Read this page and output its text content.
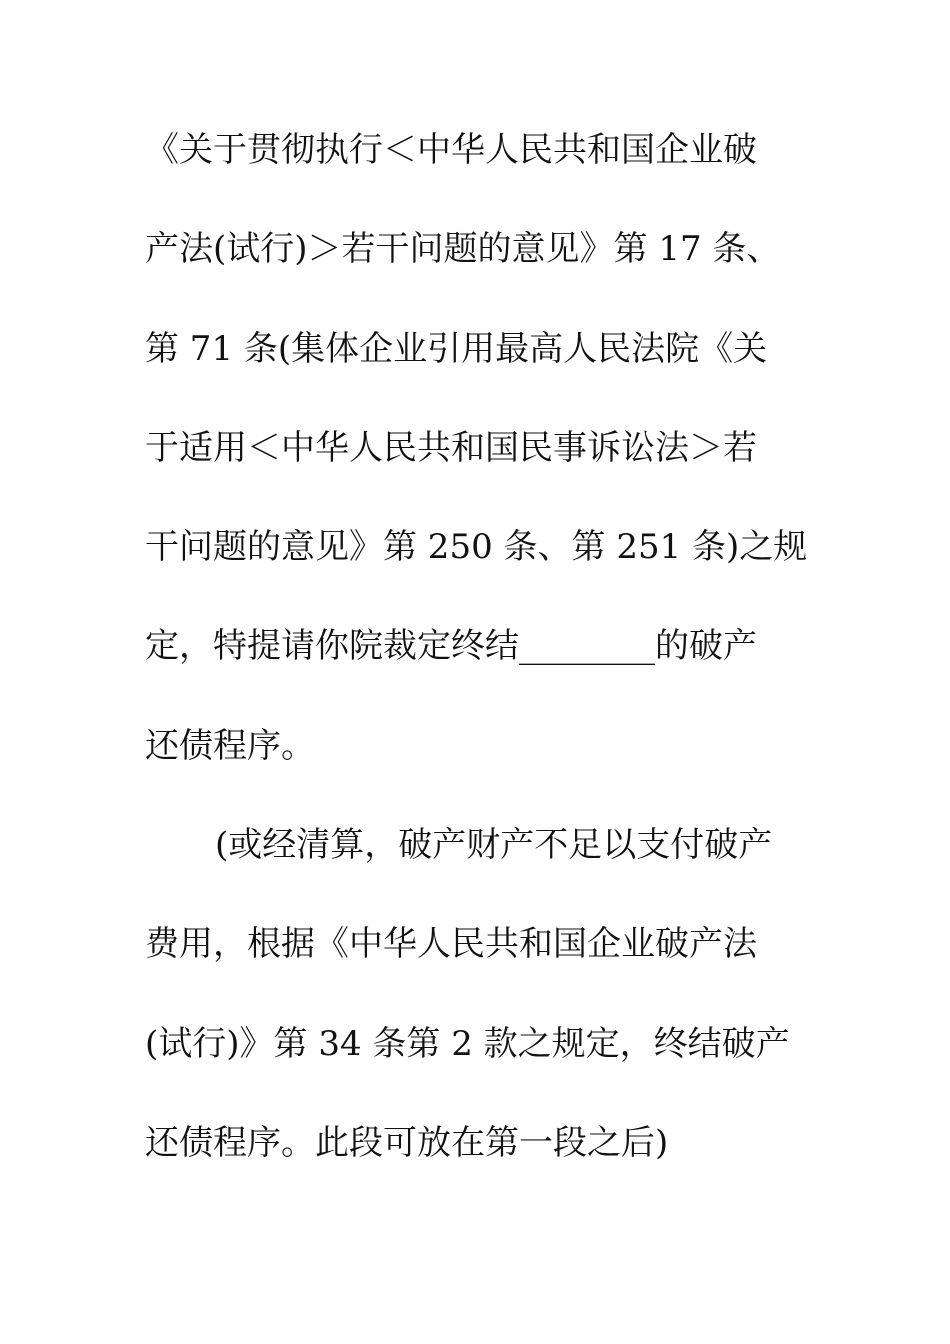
《关于贯彻执行＜中华人民共和国企业破
产法(试行)＞若干问题的意见》第 17 条、
第 71 条(集体企业引用最高人民法院《关
于适用＜中华人民共和国民事诉讼法＞若
干问题的意见》第 250 条、第 251 条)之规
定，特提请你院裁定终结________的破产
还债程序。
(或经清算，破产财产不足以支付破产
费用，根据《中华人民共和国企业破产法
(试行)》第 34 条第 2 款之规定，终结破产
还债程序。此段可放在第一段之后)
